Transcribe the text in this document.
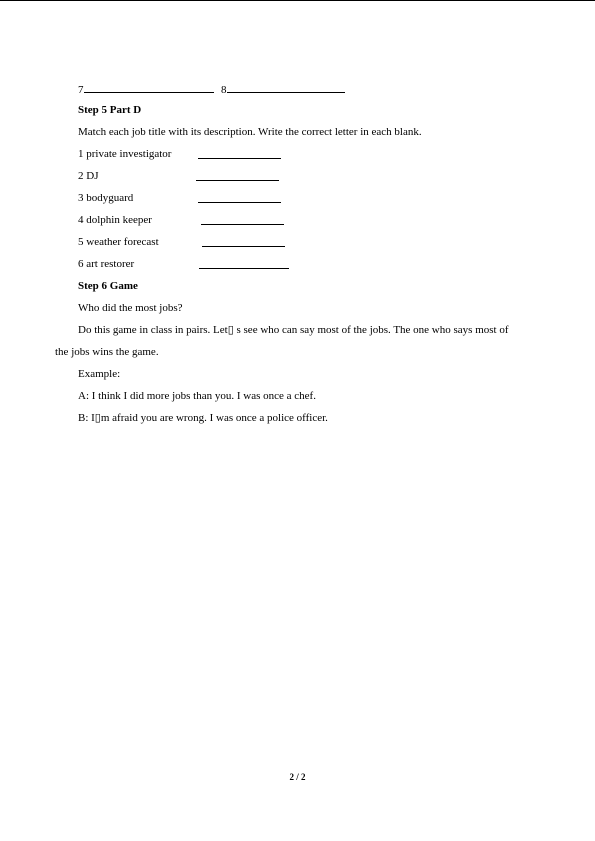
7	8
Step 5 Part D
Match each job title with its description. Write the correct letter in each blank.
1 private investigator
2 DJ
3 bodyguard
4 dolphin keeper
5 weather forecast
6 art restorer
Step 6 Game
Who did the most jobs?
Do this game in class in pairs. Let▯ s see who can say most of the jobs. The one who says most of
the jobs wins the game.
Example:
A: I think I did more jobs than you. I was once a chef.
B: I▯m afraid you are wrong. I was once a police officer.
2 / 2
